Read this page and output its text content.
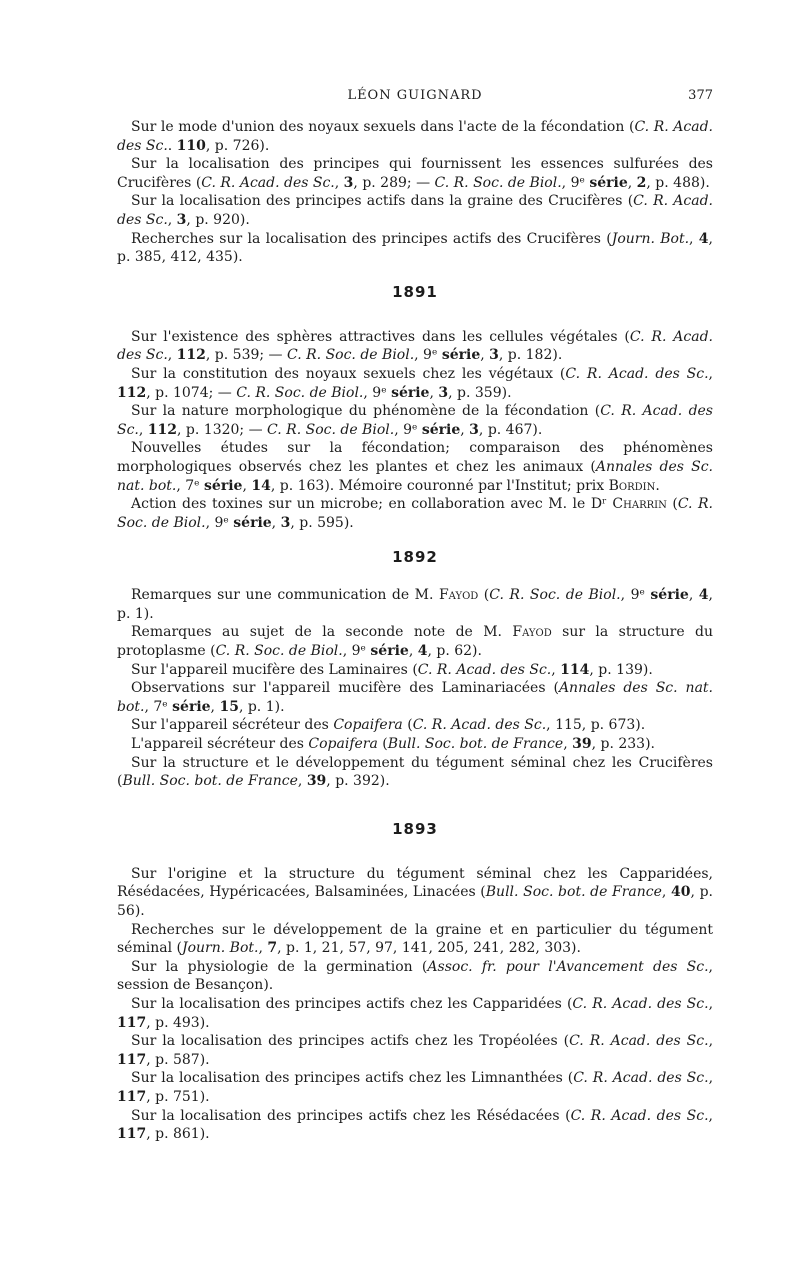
LÉON GUIGNARD	377

Sur le mode d'union des noyaux sexuels dans l'acte de la fécondation (C. R. Acad. des Sc.. 110, p. 726).

Sur la localisation des principes qui fournissent les essences sulfurées des Crucifères (C. R. Acad. des Sc., 3, p. 289; — C. R. Soc. de Biol., 9ᵉ série, 2, p. 488).

Sur la localisation des principes actifs dans la graine des Crucifères (C. R. Acad. des Sc., 3, p. 920).

Recherches sur la localisation des principes actifs des Crucifères (Journ. Bot., 4, p. 385, 412, 435).

1891

Sur l'existence des sphères attractives dans les cellules végétales (C. R. Acad. des Sc., 112, p. 539; — C. R. Soc. de Biol., 9ᵉ série, 3, p. 182).

Sur la constitution des noyaux sexuels chez les végétaux (C. R. Acad. des Sc., 112, p. 1074; — C. R. Soc. de Biol., 9ᵉ série, 3, p. 359).

Sur la nature morphologique du phénomène de la fécondation (C. R. Acad. des Sc., 112, p. 1320; — C. R. Soc. de Biol., 9ᵉ série, 3, p. 467).

Nouvelles études sur la fécondation; comparaison des phénomènes morphologiques observés chez les plantes et chez les animaux (Annales des Sc. nat. bot., 7ᵉ série, 14, p. 163). Mémoire couronné par l'Institut; prix Bordin.

Action des toxines sur un microbe; en collaboration avec M. le Dʳ Charrin (C. R. Soc. de Biol., 9ᵉ série, 3, p. 595).

1892

Remarques sur une communication de M. Fayod (C. R. Soc. de Biol., 9ᵉ série, 4, p. 1).

Remarques au sujet de la seconde note de M. Fayod sur la structure du protoplasme (C. R. Soc. de Biol., 9ᵉ série, 4, p. 62).

Sur l'appareil mucifère des Laminaires (C. R. Acad. des Sc., 114, p. 139).

Observations sur l'appareil mucifère des Laminariacées (Annales des Sc. nat. bot., 7ᵉ série, 15, p. 1).

Sur l'appareil sécréteur des Copaifera (C. R. Acad. des Sc., 115, p. 673).

L'appareil sécréteur des Copaifera (Bull. Soc. bot. de France, 39, p. 233).

Sur la structure et le développement du tégument séminal chez les Crucifères (Bull. Soc. bot. de France, 39, p. 392).

1893

Sur l'origine et la structure du tégument séminal chez les Capparidées, Résédacées, Hypéricacées, Balsaminées, Linacées (Bull. Soc. bot. de France, 40, p. 56).

Recherches sur le développement de la graine et en particulier du tégument séminal (Journ. Bot., 7, p. 1, 21, 57, 97, 141, 205, 241, 282, 303).

Sur la physiologie de la germination (Assoc. fr. pour l'Avancement des Sc., session de Besançon).

Sur la localisation des principes actifs chez les Capparidées (C. R. Acad. des Sc., 117, p. 493).

Sur la localisation des principes actifs chez les Tropéolées (C. R. Acad. des Sc., 117, p. 587).

Sur la localisation des principes actifs chez les Limnanthées (C. R. Acad. des Sc., 117, p. 751).

Sur la localisation des principes actifs chez les Résédacées (C. R. Acad. des Sc., 117, p. 861).
